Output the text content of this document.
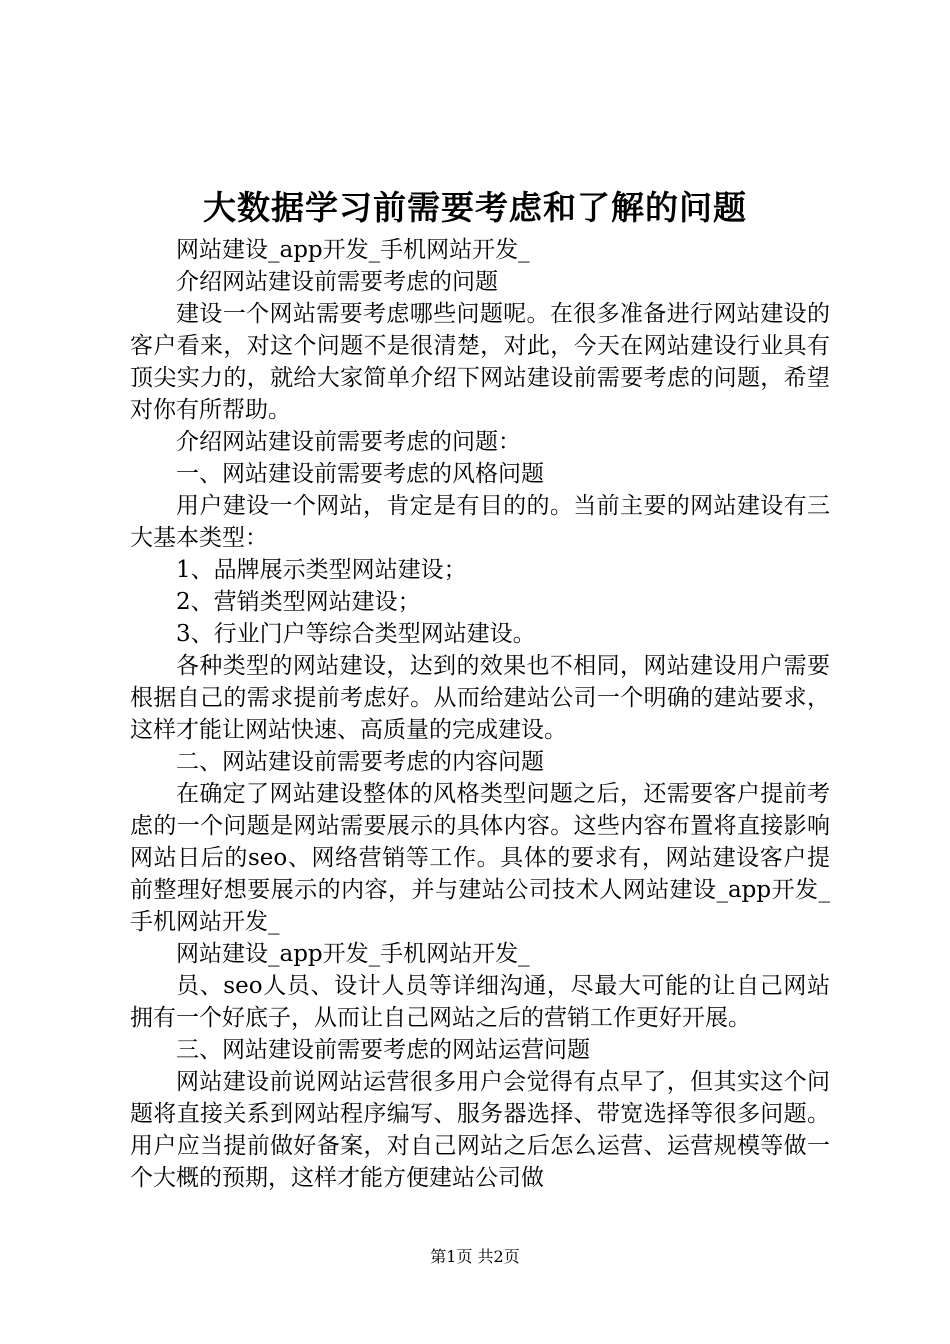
大数据学习前需要考虑和了解的问题

网站建设_app开发_手机网站开发_

介绍网站建设前需要考虑的问题

建设一个网站需要考虑哪些问题呢。在很多准备进行网站建设的客户看来，对这个问题不是很清楚，对此，今天在网站建设行业具有顶尖实力的，就给大家简单介绍下网站建设前需要考虑的问题，希望对你有所帮助。

介绍网站建设前需要考虑的问题：

一、网站建设前需要考虑的风格问题

用户建设一个网站，肯定是有目的的。当前主要的网站建设有三大基本类型：

1、品牌展示类型网站建设；

2、营销类型网站建设；

3、行业门户等综合类型网站建设。

各种类型的网站建设，达到的效果也不相同，网站建设用户需要根据自己的需求提前考虑好。从而给建站公司一个明确的建站要求，这样才能让网站快速、高质量的完成建设。

二、网站建设前需要考虑的内容问题

在确定了网站建设整体的风格类型问题之后，还需要客户提前考虑的一个问题是网站需要展示的具体内容。这些内容布置将直接影响网站日后的seo、网络营销等工作。具体的要求有，网站建设客户提前整理好想要展示的内容，并与建站公司技术人网站建设_app开发_手机网站开发_

网站建设_app开发_手机网站开发_

员、seo人员、设计人员等详细沟通，尽最大可能的让自己网站拥有一个好底子，从而让自己网站之后的营销工作更好开展。

三、网站建设前需要考虑的网站运营问题

网站建设前说网站运营很多用户会觉得有点早了，但其实这个问题将直接关系到网站程序编写、服务器选择、带宽选择等很多问题。用户应当提前做好备案，对自己网站之后怎么运营、运营规模等做一个大概的预期，这样才能方便建站公司做

第1页 共2页
